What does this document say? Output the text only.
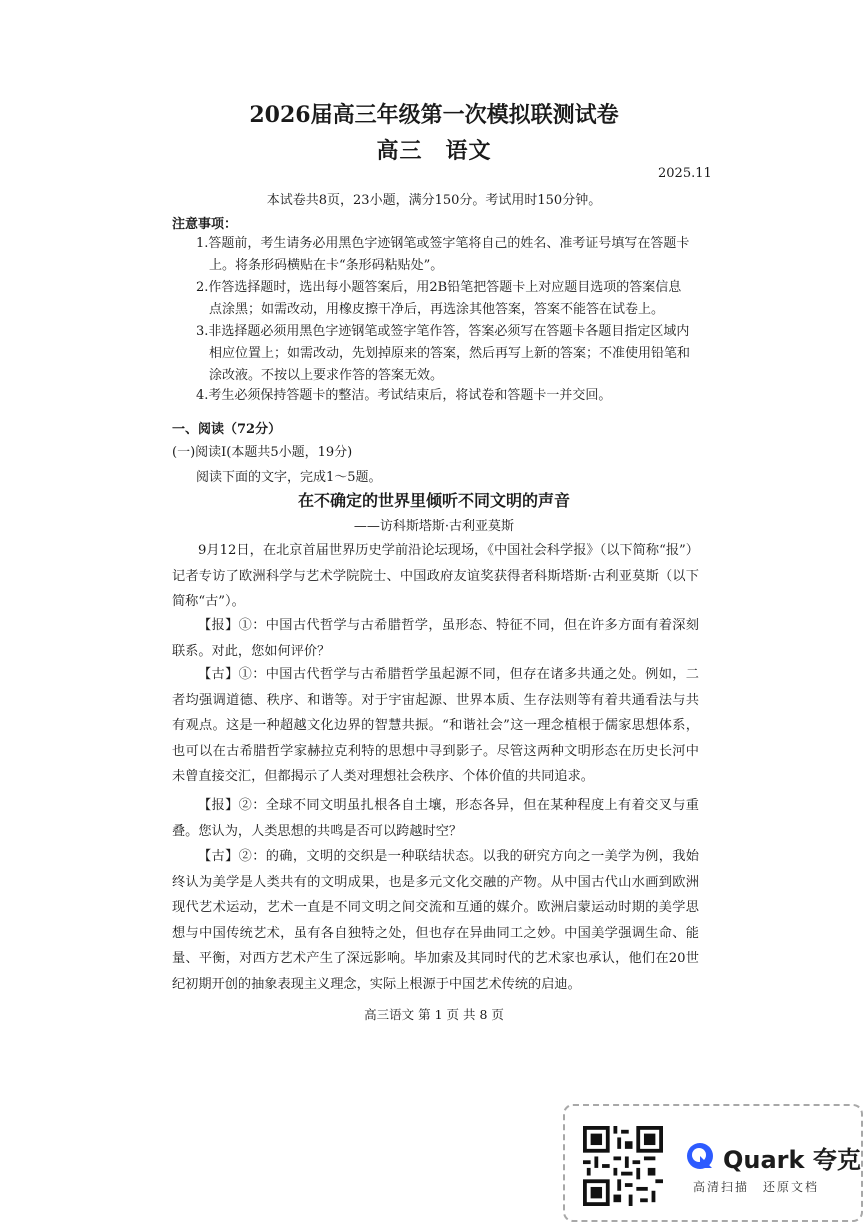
2026届高三年级第一次模拟联测试卷
高三　语文
2025.11
本试卷共8页，23小题，满分150分。考试用时150分钟。
注意事项：
1.答题前，考生请务必用黑色字迹钢笔或签字笔将自己的姓名、准考证号填写在答题卡上。将条形码横贴在卡“条形码粘贴处”。
2.作答选择题时，选出每小题答案后，用2B铅笔把答题卡上对应题目选项的答案信息点涂黑；如需改动，用橡皮擦干净后，再选涂其他答案，答案不能答在试卷上。
3.非选择题必须用黑色字迹钢笔或签字笔作答，答案必须写在答题卡各题目指定区域内相应位置上；如需改动，先划掉原来的答案，然后再写上新的答案；不准使用铅笔和涂改液。不按以上要求作答的答案无效。
4.考生必须保持答题卡的整洁。考试结束后，将试卷和答题卡一并交回。
一、阅读（72分）
(一)阅读Ⅰ(本题共5小题，19分)
阅读下面的文字，完成1～5题。
在不确定的世界里倾听不同文明的声音
——访科斯塔斯·古利亚莫斯
9月12日，在北京首届世界历史学前沿论坛现场，《中国社会科学报》（以下简称“报”）记者专访了欧洲科学与艺术学院院士、中国政府友谊奖获得者科斯塔斯·古利亚莫斯（以下简称“古”）。
【报】①：中国古代哲学与古希腊哲学，虽形态、特征不同，但在许多方面有着深刻联系。对此，您如何评价？
【古】①：中国古代哲学与古希腊哲学虽起源不同，但存在诸多共通之处。例如，二者均强调道德、秩序、和谐等。对于宇宙起源、世界本质、生存法则等有着共通看法与共有观点。这是一种超越文化边界的智慧共振。“和谐社会”这一理念植根于儒家思想体系，也可以在古希腊哲学家赫拉克利特的思想中寻到影子。尽管这两种文明形态在历史长河中未曾直接交汇，但都揭示了人类对理想社会秩序、个体价值的共同追求。
【报】②：全球不同文明虽扎根各自土壤，形态各异，但在某种程度上有着交叉与重叠。您认为，人类思想的共鸣是否可以跨越时空？
【古】②：的确，文明的交织是一种联结状态。以我的研究方向之一美学为例，我始终认为美学是人类共有的文明成果，也是多元文化交融的产物。从中国古代山水画到欧洲现代艺术运动，艺术一直是不同文明之间交流和互通的媒介。欧洲启蒙运动时期的美学思想与中国传统艺术，虽有各自独特之处，但也存在异曲同工之妙。中国美学强调生命、能量、平衡，对西方艺术产生了深远影响。毕加索及其同时代的艺术家也承认，他们在20世纪初期开创的抽象表现主义理念，实际上根源于中国艺术传统的启迪。
高三语文 第 1 页 共 8 页
Quark 夸克
高清扫描　还原文档
